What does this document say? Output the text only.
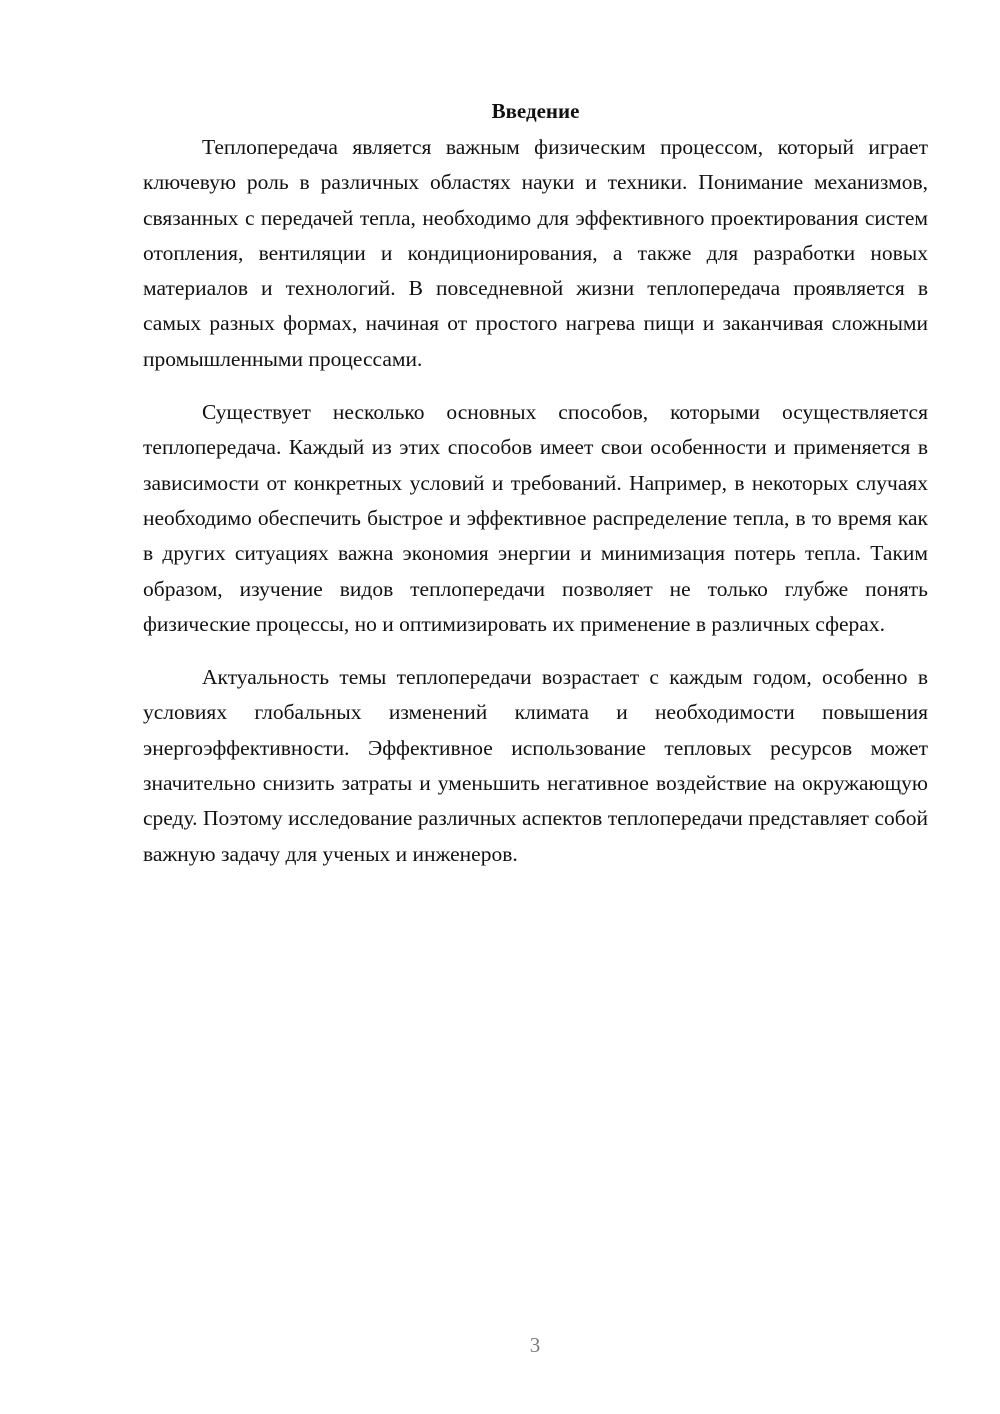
Введение

Теплопередача является важным физическим процессом, который играет ключевую роль в различных областях науки и техники. Понимание механизмов, связанных с передачей тепла, необходимо для эффективного проектирования систем отопления, вентиляции и кондиционирования, а также для разработки новых материалов и технологий. В повседневной жизни теплопередача проявляется в самых разных формах, начиная от простого нагрева пищи и заканчивая сложными промышленными процессами.

Существует несколько основных способов, которыми осуществляется теплопередача. Каждый из этих способов имеет свои особенности и применяется в зависимости от конкретных условий и требований. Например, в некоторых случаях необходимо обеспечить быстрое и эффективное распределение тепла, в то время как в других ситуациях важна экономия энергии и минимизация потерь тепла. Таким образом, изучение видов теплопередачи позволяет не только глубже понять физические процессы, но и оптимизировать их применение в различных сферах.

Актуальность темы теплопередачи возрастает с каждым годом, особенно в условиях глобальных изменений климата и необходимости повышения энергоэффективности. Эффективное использование тепловых ресурсов может значительно снизить затраты и уменьшить негативное воздействие на окружающую среду. Поэтому исследование различных аспектов теплопередачи представляет собой важную задачу для ученых и инженеров.

3
